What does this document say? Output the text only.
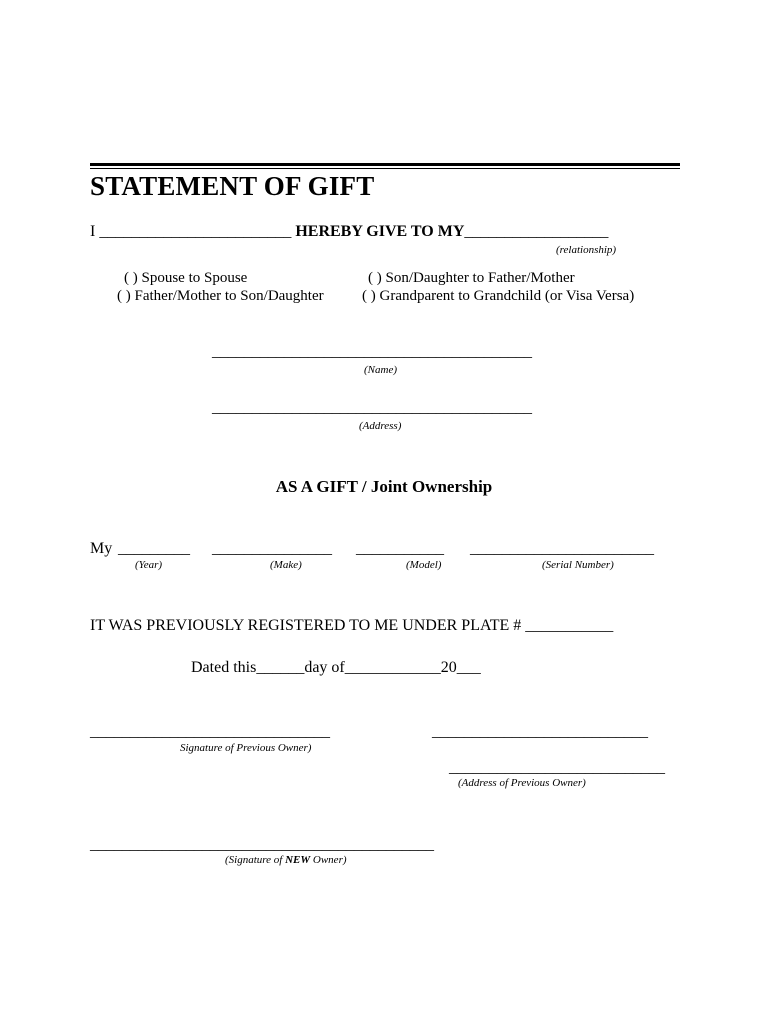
STATEMENT OF GIFT
I ________________________ HEREBY GIVE TO MY__________________
(relationship)
( ) Spouse to Spouse	( ) Son/Daughter to Father/Mother
( ) Father/Mother to Son/Daughter	( ) Grandparent to Grandchild (or Visa Versa)
________________________________________
(Name)
________________________________________
(Address)
AS A GIFT / Joint Ownership
My _________ _______________ ___________ _______________________
(Year)	(Make)	(Model)	(Serial Number)
IT WAS PREVIOUSLY REGISTERED TO ME UNDER PLATE # ___________
Dated this______day of____________20___
______________________________
Signature of Previous Owner)
___________________________
___________________________
(Address of Previous Owner)
___________________________________________
(Signature of NEW Owner)
